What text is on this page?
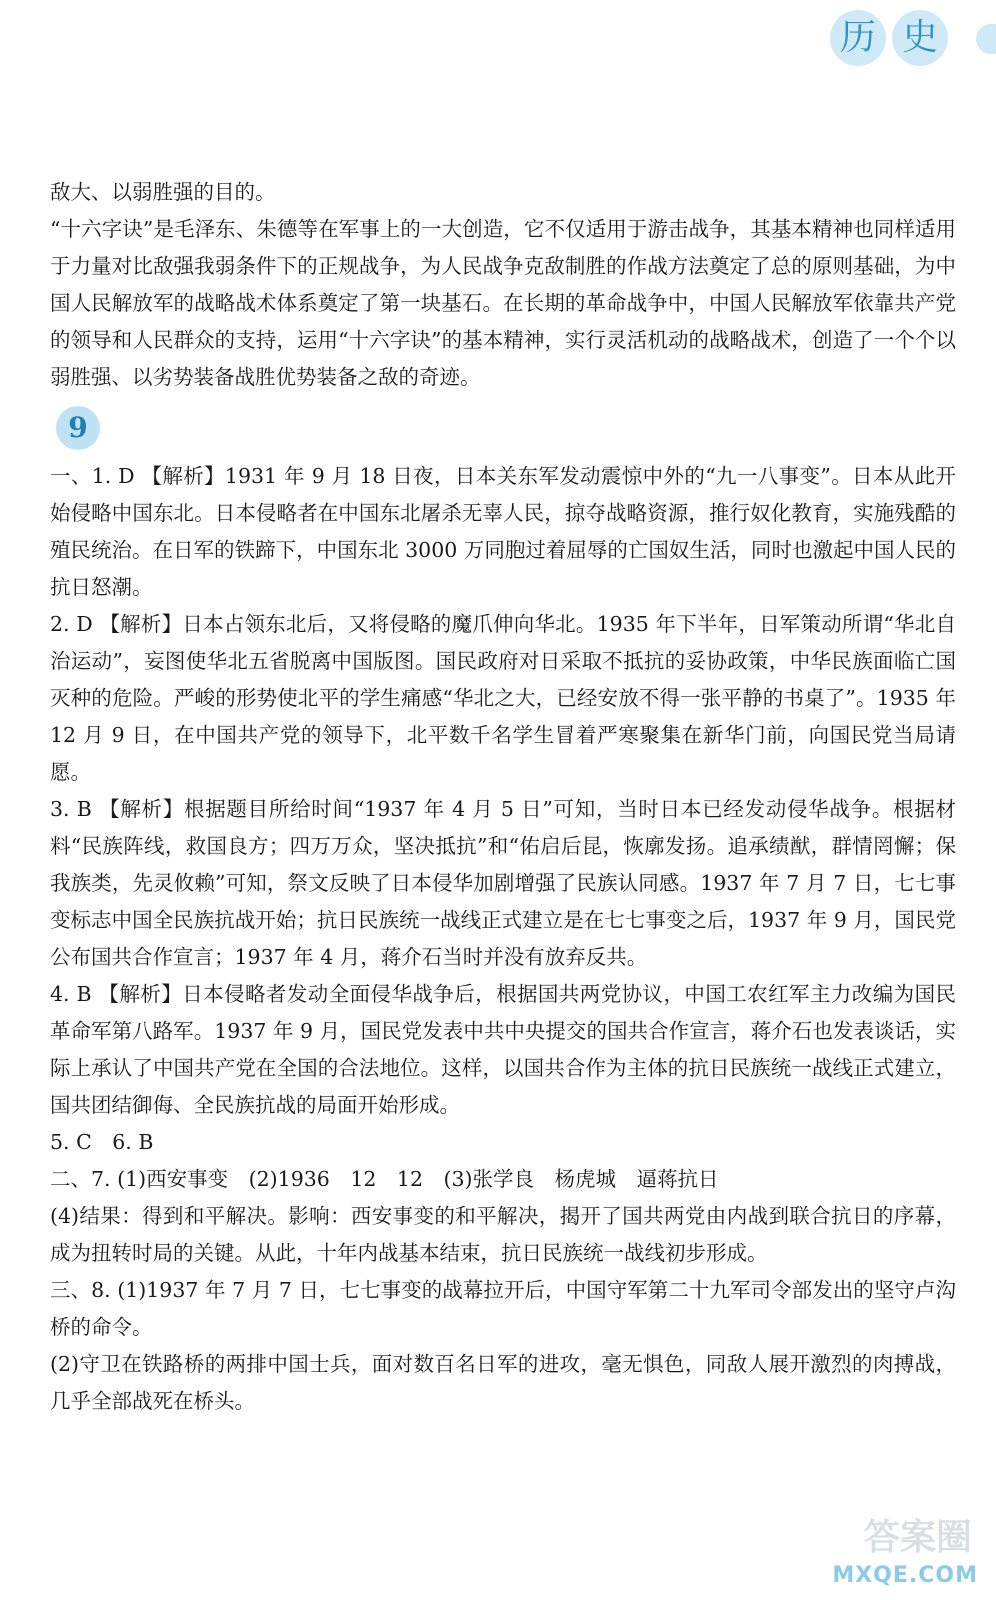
历 史

敌大、以弱胜强的目的。

“十六字诀”是毛泽东、朱德等在军事上的一大创造，它不仅适用于游击战争，其基本精神也同样适用于力量对比敌强我弱条件下的正规战争，为人民战争克敌制胜的作战方法奠定了总的原则基础，为中国人民解放军的战略战术体系奠定了第一块基石。在长期的革命战争中，中国人民解放军依靠共产党的领导和人民群众的支持，运用“十六字诀”的基本精神，实行灵活机动的战略战术，创造了一个个以弱胜强、以劣势装备战胜优势装备之敌的奇迹。

9

一、1. D 【解析】1931 年 9 月 18 日夜，日本关东军发动震惊中外的“九一八事变”。日本从此开始侵略中国东北。日本侵略者在中国东北屠杀无辜人民，掠夺战略资源，推行奴化教育，实施残酷的殖民统治。在日军的铁蹄下，中国东北 3000 万同胞过着屈辱的亡国奴生活，同时也激起中国人民的抗日怒潮。

2. D 【解析】日本占领东北后，又将侵略的魔爪伸向华北。1935 年下半年，日军策动所谓“华北自治运动”，妄图使华北五省脱离中国版图。国民政府对日采取不抵抗的妥协政策，中华民族面临亡国灭种的危险。严峻的形势使北平的学生痛感“华北之大，已经安放不得一张平静的书桌了”。1935 年 12 月 9 日，在中国共产党的领导下，北平数千名学生冒着严寒聚集在新华门前，向国民党当局请愿。

3. B 【解析】根据题目所给时间“1937 年 4 月 5 日”可知，当时日本已经发动侵华战争。根据材料“民族阵线，救国良方；四万万众，坚决抵抗”和“佑启后昆，恢廓发扬。追承绩猷，群情罔懈；保我族类，先灵攸赖”可知，祭文反映了日本侵华加剧增强了民族认同感。1937 年 7 月 7 日，七七事变标志中国全民族抗战开始；抗日民族统一战线正式建立是在七七事变之后，1937 年 9 月，国民党公布国共合作宣言；1937 年 4 月，蒋介石当时并没有放弃反共。

4. B 【解析】日本侵略者发动全面侵华战争后，根据国共两党协议，中国工农红军主力改编为国民革命军第八路军。1937 年 9 月，国民党发表中共中央提交的国共合作宣言，蒋介石也发表谈话，实际上承认了中国共产党在全国的合法地位。这样，以国共合作为主体的抗日民族统一战线正式建立，国共团结御侮、全民族抗战的局面开始形成。

5. C　6. B

二、7. (1)西安事变　(2)1936　12　12　(3)张学良　杨虎城　逼蒋抗日

(4)结果：得到和平解决。影响：西安事变的和平解决，揭开了国共两党由内战到联合抗日的序幕，成为扭转时局的关键。从此，十年内战基本结束，抗日民族统一战线初步形成。

三、8. (1)1937 年 7 月 7 日，七七事变的战幕拉开后，中国守军第二十九军司令部发出的坚守卢沟桥的命令。

(2)守卫在铁路桥的两排中国士兵，面对数百名日军的进攻，毫无惧色，同敌人展开激烈的肉搏战，几乎全部战死在桥头。

答案圈
MXQE.COM
